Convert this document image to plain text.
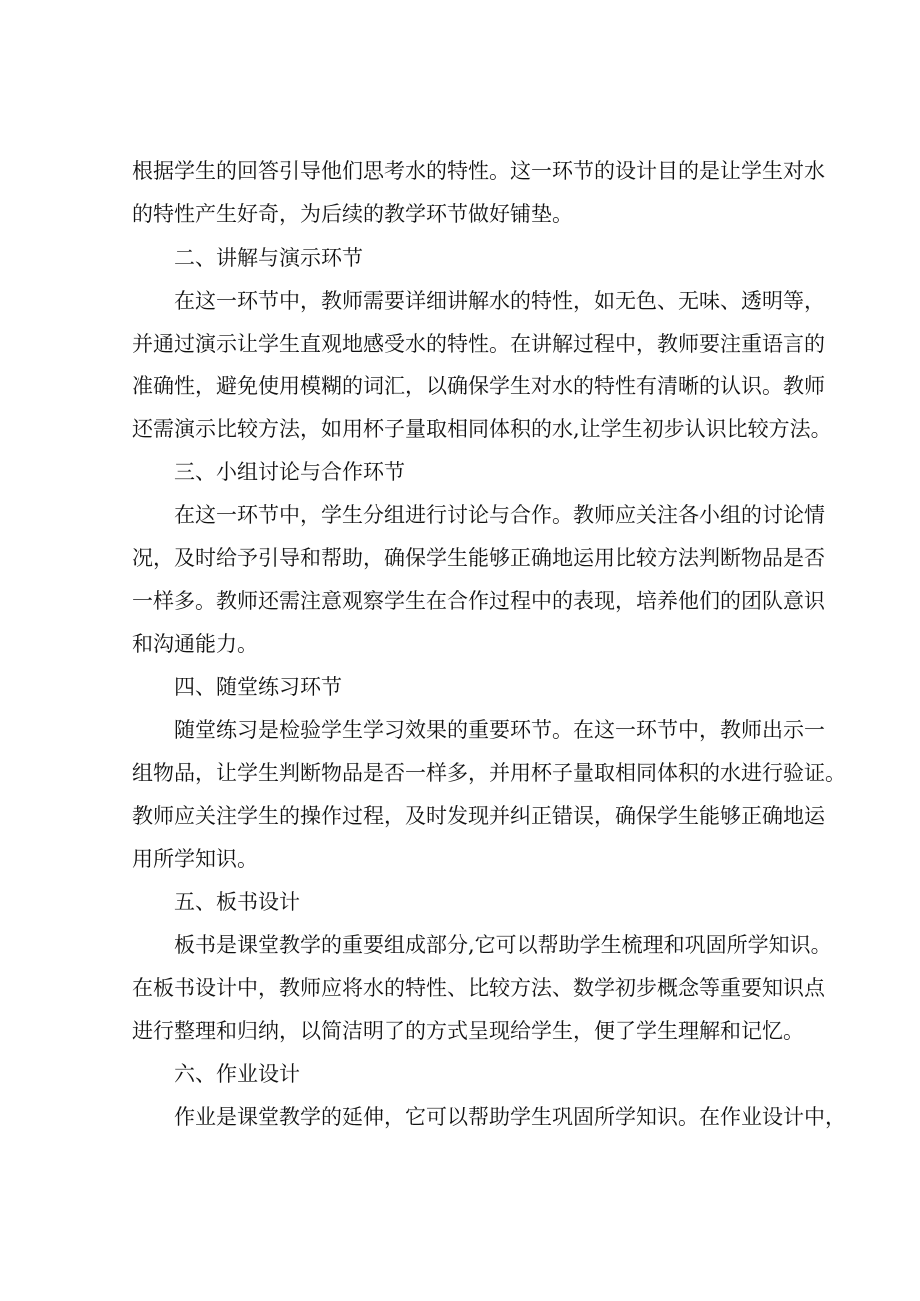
根据学生的回答引导他们思考水的特性。这一环节的设计目的是让学生对水

的特性产生好奇，为后续的教学环节做好铺垫。

二、讲解与演示环节

在这一环节中，教师需要详细讲解水的特性，如无色、无味、透明等，

并通过演示让学生直观地感受水的特性。在讲解过程中，教师要注重语言的

准确性，避免使用模糊的词汇，以确保学生对水的特性有清晰的认识。教师

还需演示比较方法，如用杯子量取相同体积的水,让学生初步认识比较方法。

三、小组讨论与合作环节

在这一环节中，学生分组进行讨论与合作。教师应关注各小组的讨论情

况，及时给予引导和帮助，确保学生能够正确地运用比较方法判断物品是否

一样多。教师还需注意观察学生在合作过程中的表现，培养他们的团队意识

和沟通能力。

四、随堂练习环节

随堂练习是检验学生学习效果的重要环节。在这一环节中，教师出示一

组物品，让学生判断物品是否一样多，并用杯子量取相同体积的水进行验证。

教师应关注学生的操作过程，及时发现并纠正错误，确保学生能够正确地运

用所学知识。

五、板书设计

板书是课堂教学的重要组成部分,它可以帮助学生梳理和巩固所学知识。

在板书设计中，教师应将水的特性、比较方法、数学初步概念等重要知识点

进行整理和归纳，以简洁明了的方式呈现给学生，便了学生理解和记忆。

六、作业设计

作业是课堂教学的延伸，它可以帮助学生巩固所学知识。在作业设计中，
